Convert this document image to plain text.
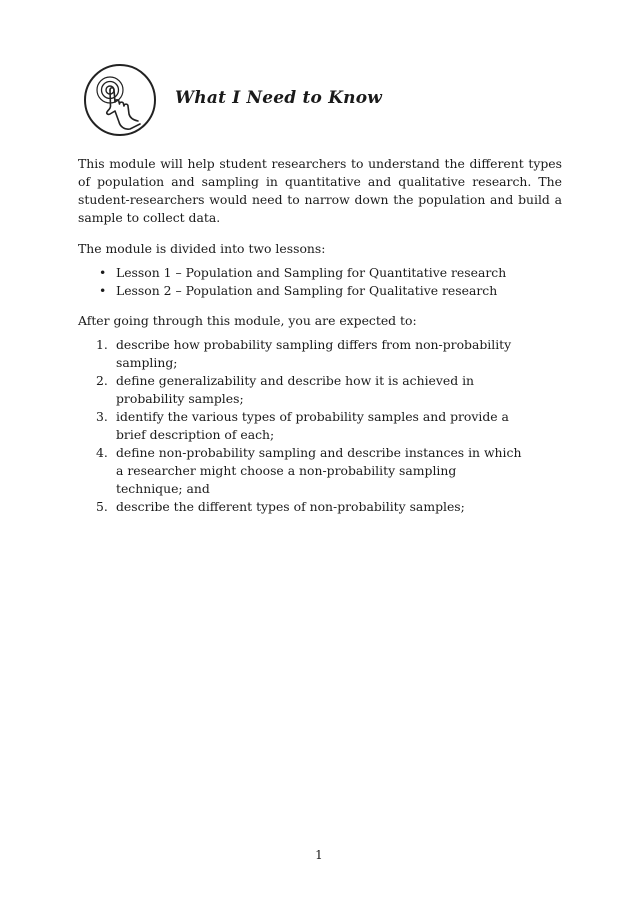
What I Need to Know

This module will help student researchers to understand the different types of population and sampling in quantitative and qualitative research. The student-researchers would need to narrow down the population and build a sample to collect data.

The module is divided into two lessons:

• Lesson 1 – Population and Sampling for Quantitative research
• Lesson 2 – Population and Sampling for Qualitative research

After going through this module, you are expected to:

1. describe how probability sampling differs from non-probability sampling;
2. define generalizability and describe how it is achieved in probability samples;
3. identify the various types of probability samples and provide a brief description of each;
4. define non-probability sampling and describe instances in which a researcher might choose a non-probability sampling technique; and
5. describe the different types of non-probability samples;
1
